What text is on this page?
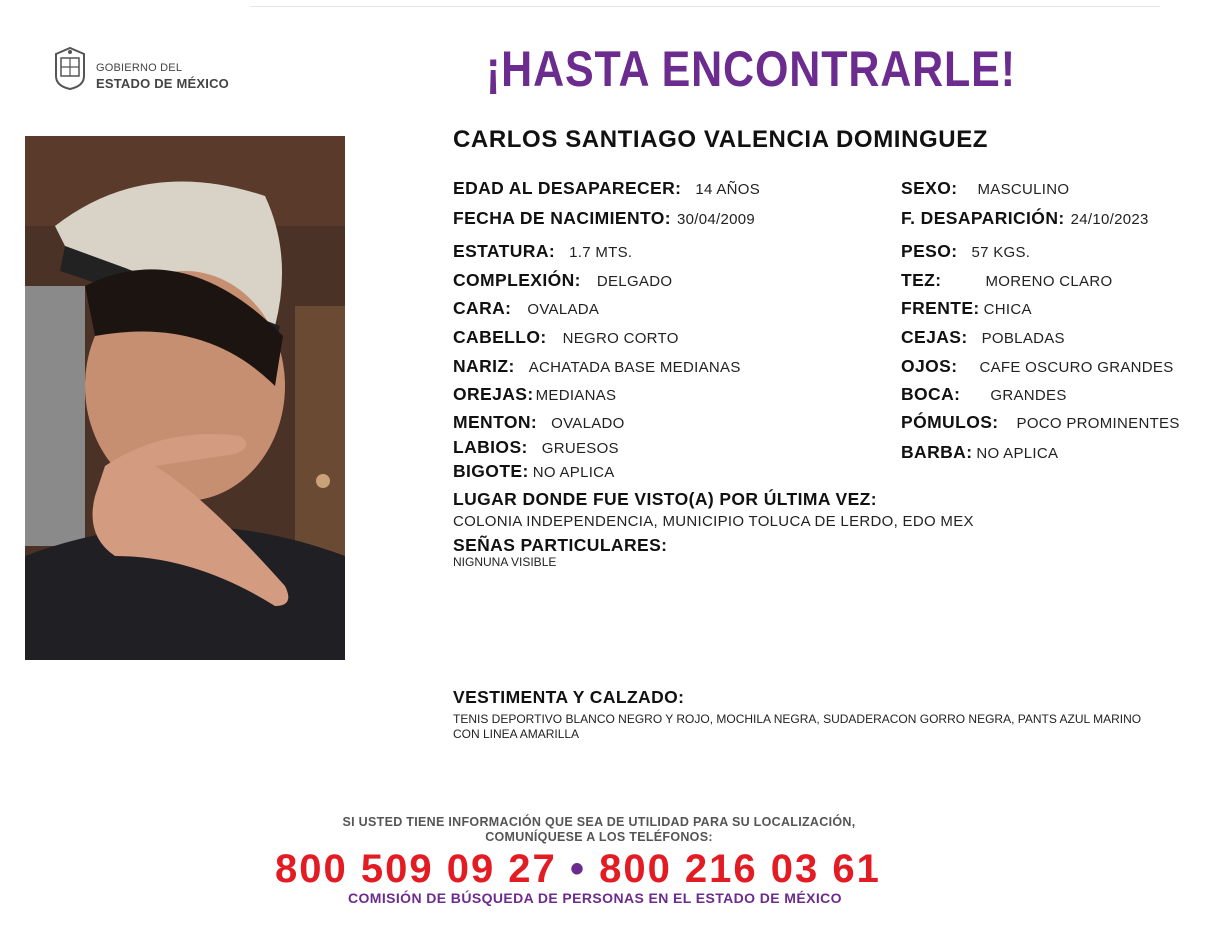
GOBIERNO DEL
ESTADO DE MÉXICO	¡HASTA ENCONTRARLE!
CARLOS SANTIAGO VALENCIA DOMINGUEZ
EDAD AL DESAPARECER: 14 AÑOS
FECHA DE NACIMIENTO: 30/04/2009
ESTATURA: 1.7 MTS.
COMPLEXIÓN: DELGADO
CARA: OVALADA
CABELLO: NEGRO CORTO
NARIZ: ACHATADA BASE MEDIANAS
OREJAS: MEDIANAS
MENTON: OVALADO
LABIOS: GRUESOS
BIGOTE: NO APLICA
SEXO: MASCULINO
F. DESAPARICIÓN: 24/10/2023
PESO: 57 KGS.
TEZ:	MORENO CLARO
FRENTE: CHICA
CEJAS: POBLADAS
OJOS: CAFE OSCURO GRANDES
BOCA: GRANDES
PÓMULOS: POCO PROMINENTES
BARBA: NO APLICA
LUGAR DONDE FUE VISTO(A) POR ÚLTIMA VEZ:
COLONIA INDEPENDENCIA, MUNICIPIO TOLUCA DE LERDO, EDO MEX
SEÑAS PARTICULARES:
NIGNUNA VISIBLE
VESTIMENTA Y CALZADO:
TENIS DEPORTIVO BLANCO NEGRO Y ROJO, MOCHILA NEGRA, SUDADERACON GORRO NEGRA, PANTS AZUL MARINO CON LINEA AMARILLA
SI USTED TIENE INFORMACIÓN QUE SEA DE UTILIDAD PARA SU LOCALIZACIÓN,
COMUNÍQUESE A LOS TELÉFONOS:
800 509 09 27 • 800 216 03 61
COMISIÓN DE BÚSQUEDA DE PERSONAS EN EL ESTADO DE MÉXICO
